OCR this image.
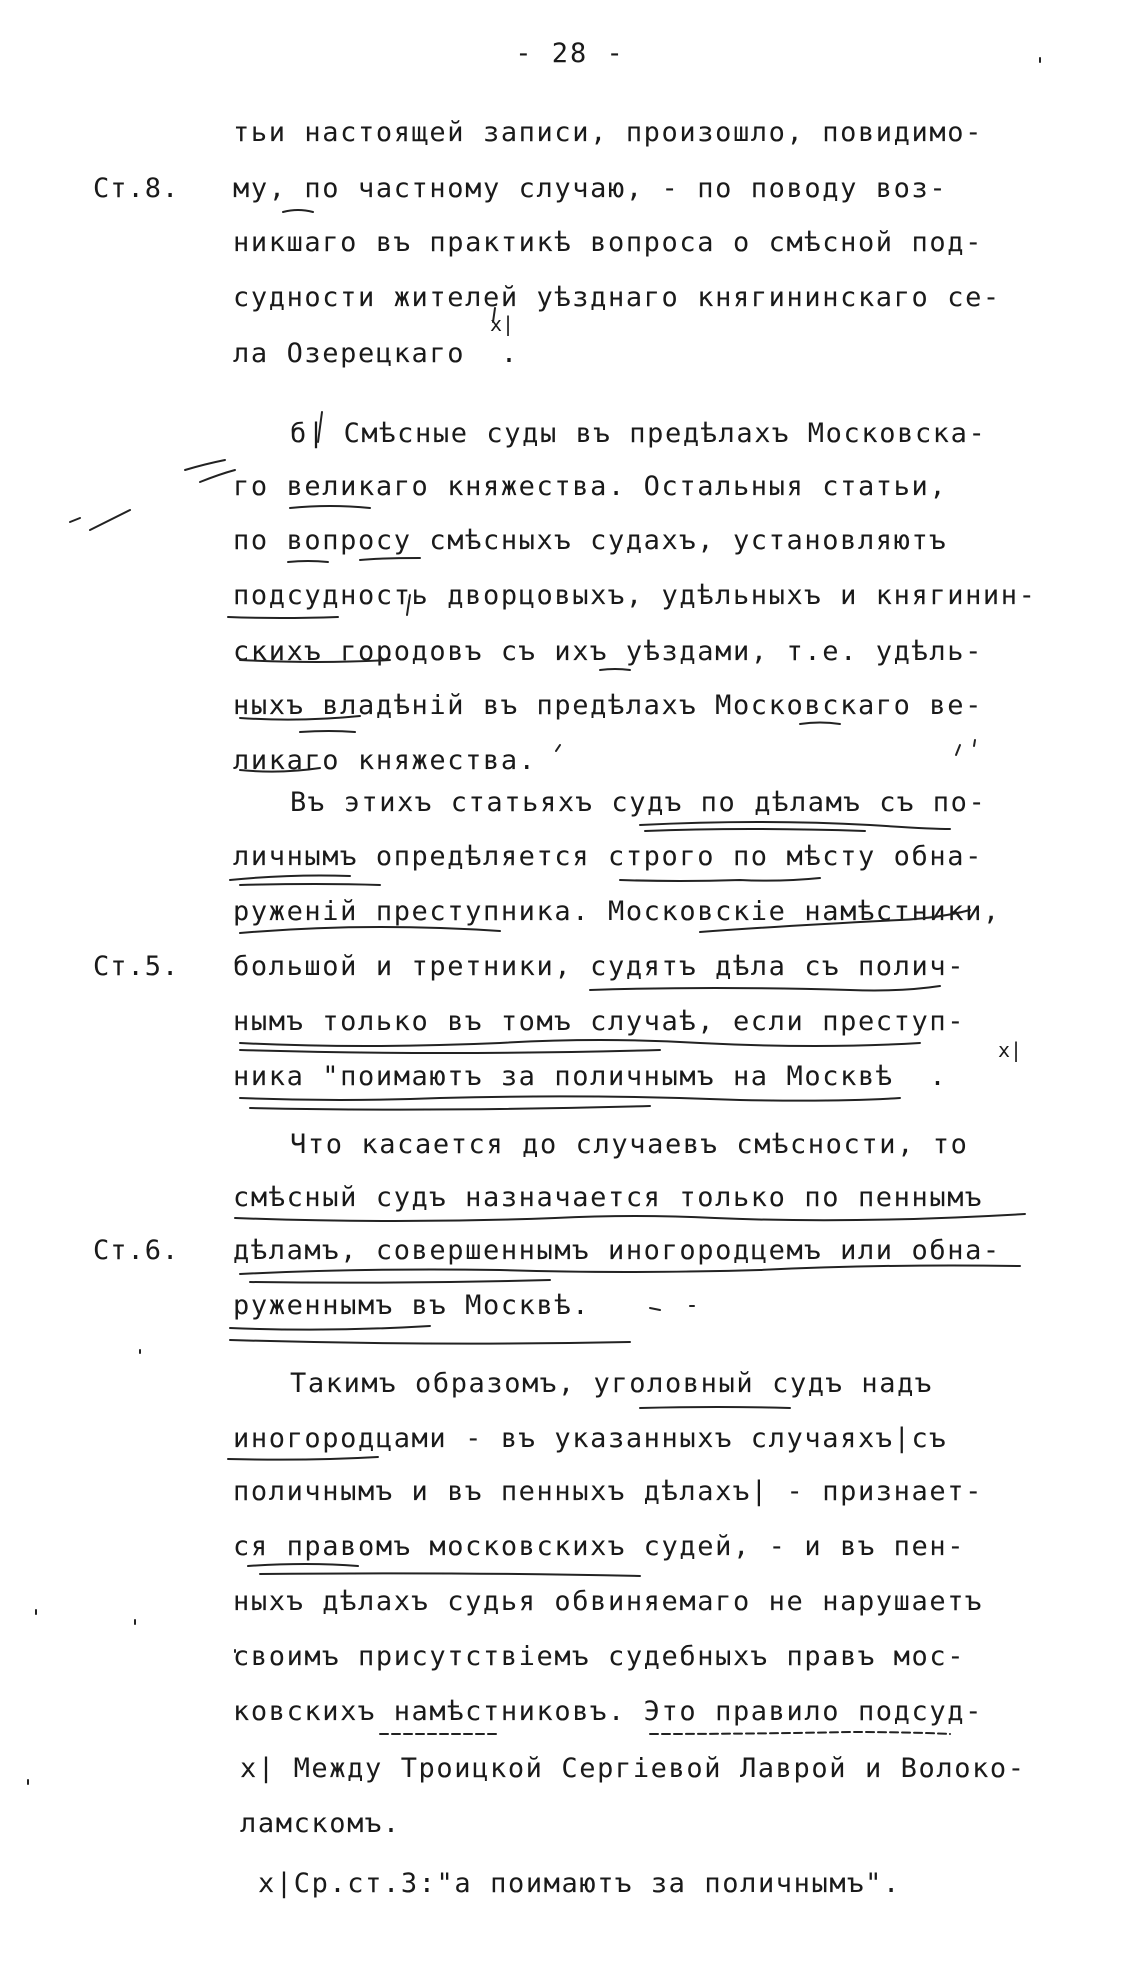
- 28 -
Ст.8.
Ст.5.
Ст.6.
тьи настоящей записи, произошло, повидимо-
му, по частному случаю, - по поводу воз-
никшаго въ практикѣ вопроса о смѣсной под-
судности жителей уѣзднаго княгининскаго се-
ла Озерецкаго  .
б| Смѣсные суды въ предѣлахъ Московска-
го великаго княжества. Остальныя статьи,
по вопросу смѣсныхъ судахъ, установляютъ
подсудность дворцовыхъ, удѣльныхъ и княгинин-
скихъ городовъ съ ихъ уѣздами, т.е. удѣль-
ныхъ владѣній въ предѣлахъ Московскаго ве-
ликаго княжества.
Въ этихъ статьяхъ судъ по дѣламъ съ по-
личнымъ опредѣляется строго по мѣсту обна-
руженій преступника. Московскіе намѣстники,
большой и третники, судятъ дѣла съ полич-
нымъ только въ томъ случаѣ, если преступ-
ника "поимаютъ за поличнымъ на Москвѣ  .
Что касается до случаевъ смѣсности, то
смѣсный судъ назначается только по пеннымъ
дѣламъ, совершеннымъ иногородцемъ или обна-
руженнымъ въ Москвѣ.
Такимъ образомъ, уголовный судъ надъ
иногородцами - въ указанныхъ случаяхъ|съ
поличнымъ и въ пенныхъ дѣлахъ| - признает-
ся правомъ московскихъ судей, - и въ пен-
ныхъ дѣлахъ судья обвиняемаго не нарушаетъ
своимъ присутствіемъ судебныхъ правъ мос-
ковскихъ намѣстниковъ. Это правило подсуд-
x| Между Троицкой Сергіевой Лаврой и Волоко-
ламскомъ.
x|Ср.ст.3:"а поимаютъ за поличнымъ".
x|
x|
